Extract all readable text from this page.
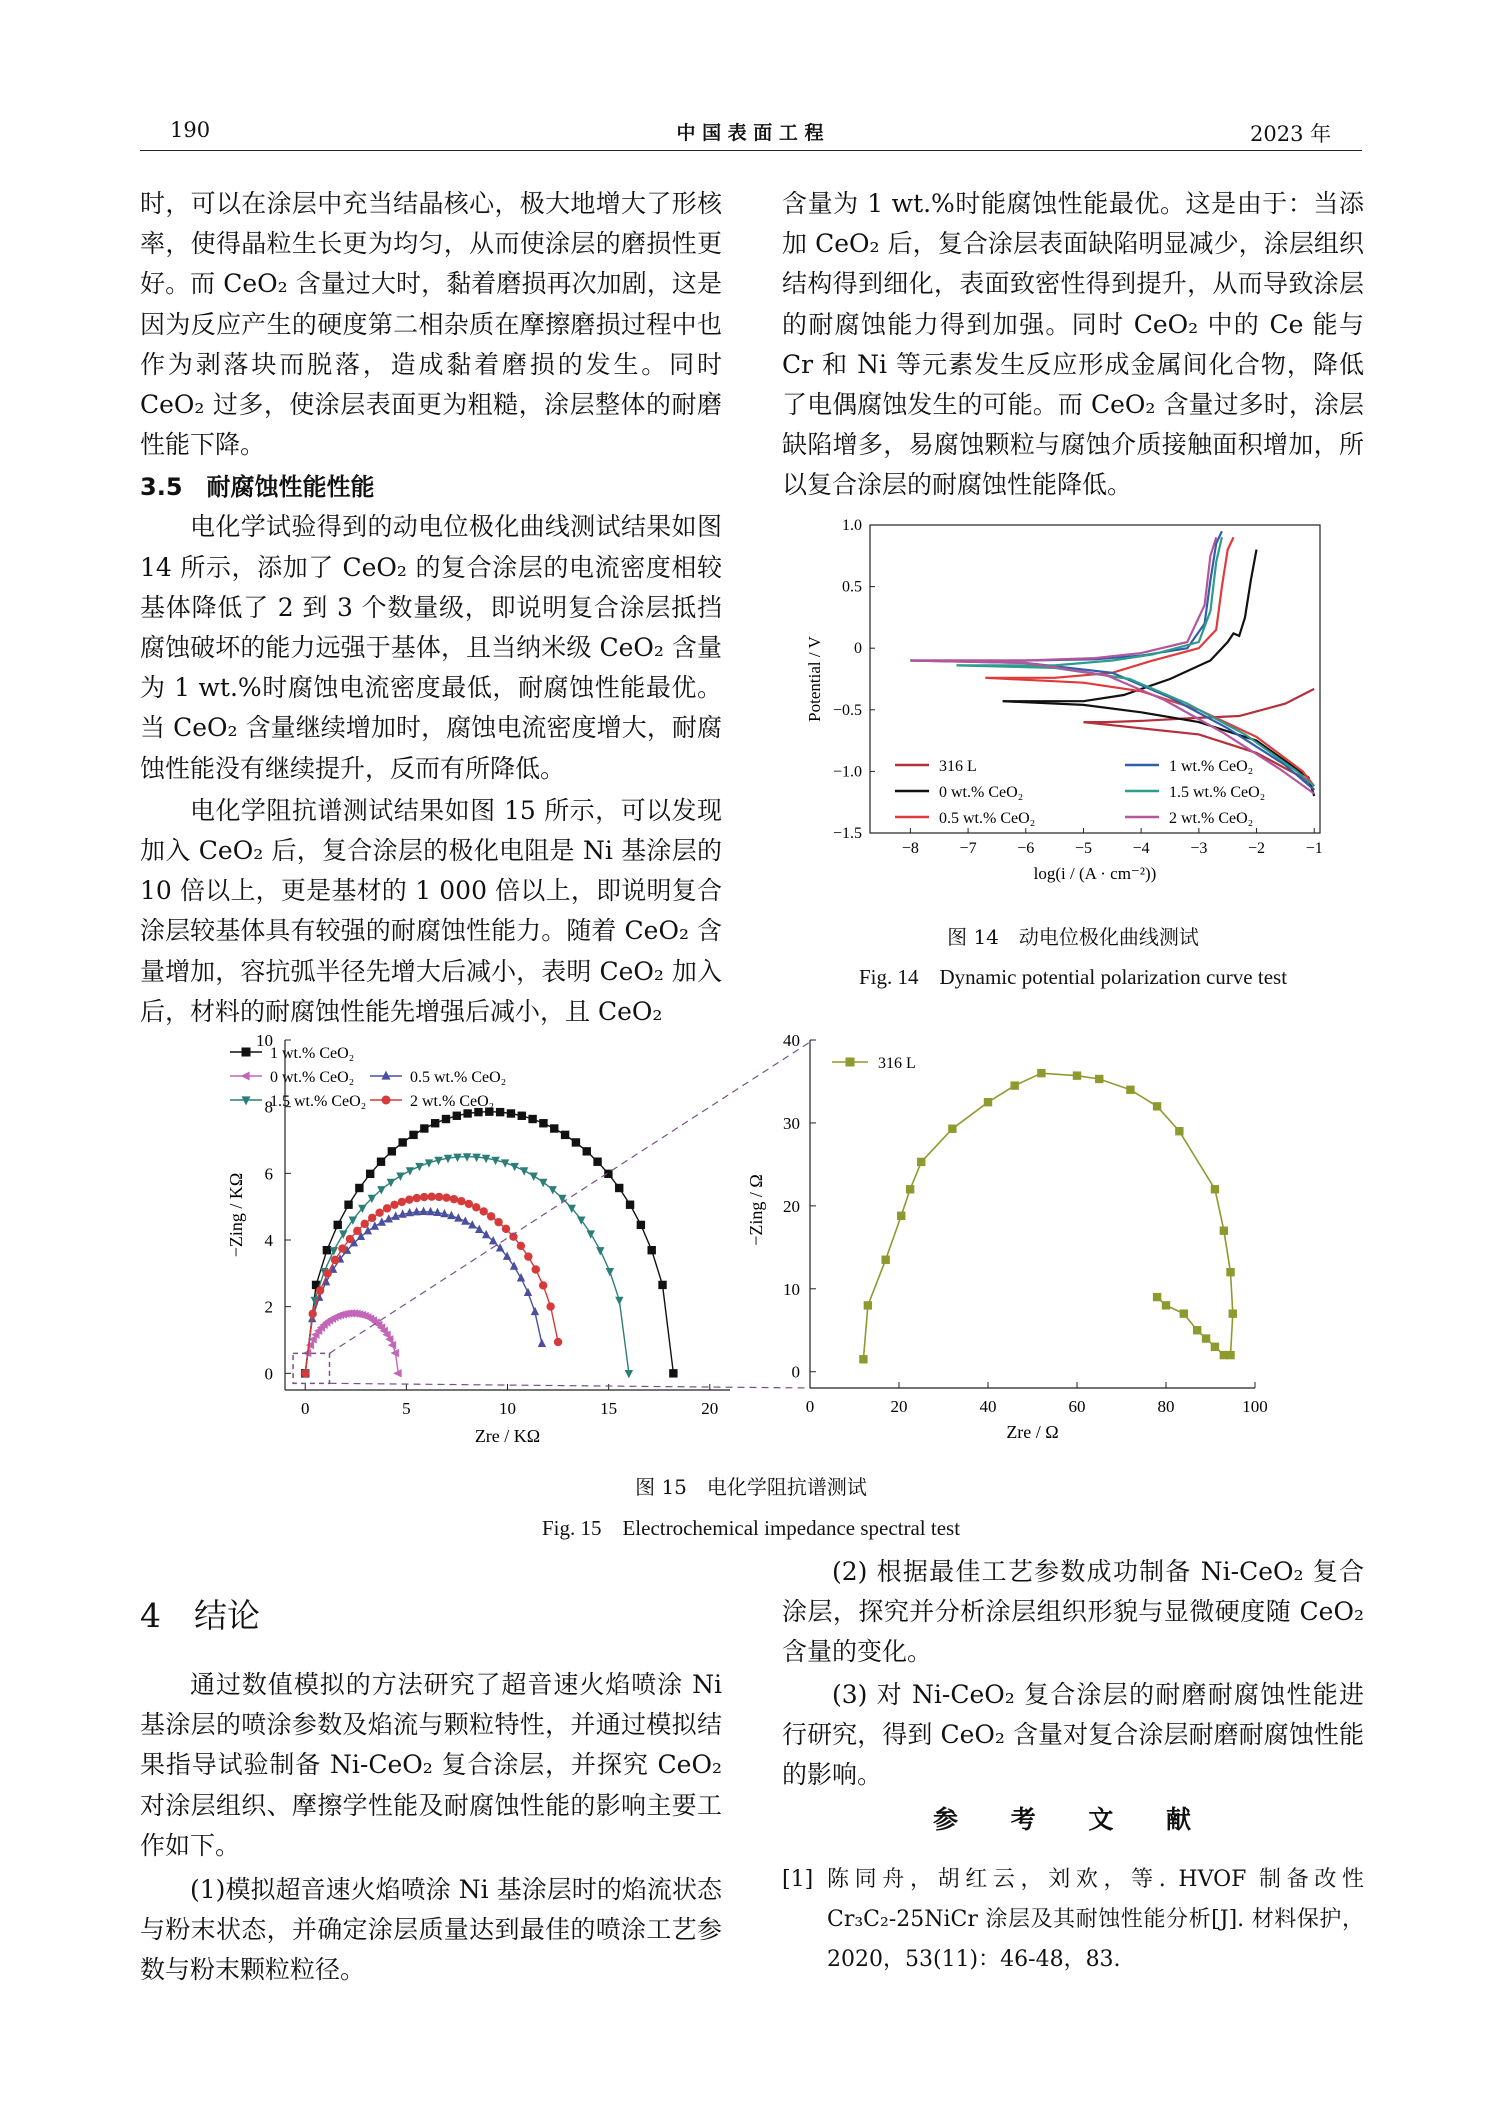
190	中 国 表 面 工 程	2023 年

时，可以在涂层中充当结晶核心，极大地增大了形核率，使得晶粒生长更为均匀，从而使涂层的磨损性更好。而 CeO₂ 含量过大时，黏着磨损再次加剧，这是因为反应产生的硬度第二相杂质在摩擦磨损过程中也作为剥落块而脱落，造成黏着磨损的发生。同时 CeO₂ 过多，使涂层表面更为粗糙，涂层整体的耐磨性能下降。

3.5　耐腐蚀性能性能

电化学试验得到的动电位极化曲线测试结果如图 14 所示，添加了 CeO₂ 的复合涂层的电流密度相较基体降低了 2 到 3 个数量级，即说明复合涂层抵挡腐蚀破坏的能力远强于基体，且当纳米级 CeO₂ 含量为 1 wt.%时腐蚀电流密度最低，耐腐蚀性能最优。当 CeO₂ 含量继续增加时，腐蚀电流密度增大，耐腐蚀性能没有继续提升，反而有所降低。

电化学阻抗谱测试结果如图 15 所示，可以发现加入 CeO₂ 后，复合涂层的极化电阻是 Ni 基涂层的 10 倍以上，更是基材的 1 000 倍以上，即说明复合涂层较基体具有较强的耐腐蚀性能力。随着 CeO₂ 含量增加，容抗弧半径先增大后减小，表明 CeO₂ 加入后，材料的耐腐蚀性能先增强后减小，且 CeO₂

含量为 1 wt.%时能腐蚀性能最优。这是由于：当添加 CeO₂ 后，复合涂层表面缺陷明显减少，涂层组织结构得到细化，表面致密性得到提升，从而导致涂层的耐腐蚀能力得到加强。同时 CeO₂ 中的 Ce 能与 Cr 和 Ni 等元素发生反应形成金属间化合物，降低了电偶腐蚀发生的可能。而 CeO₂ 含量过多时，涂层缺陷增多，易腐蚀颗粒与腐蚀介质接触面积增加，所以复合涂层的耐腐蚀性能降低。

−8	−7	−6	−5	−4	−3	−2	−1
1.0
0.5
0
−0.5
−1.0
−1.5
log(i / (A · cm⁻²))
Potential / V
316 L	1 wt.% CeO₂
0 wt.% CeO₂	1.5 wt.% CeO₂
0.5 wt.% CeO₂	2 wt.% CeO₂
图 14　动电位极化曲线测试
Fig. 14　Dynamic potential polarization curve test
0	5	10	15	20
0
2
4
6
8
10
Zre / KΩ
−Zing / KΩ
1 wt.% CeO₂
0 wt.% CeO₂	0.5 wt.% CeO₂
1.5 wt.% CeO₂	2 wt.% CeO₂
0	20	40	60	80	100
0
10
20
30
40
Zre / Ω
−Zing / Ω
316 L
图 15　电化学阻抗谱测试
Fig. 15　Electrochemical impedance spectral test
4　结论

通过数值模拟的方法研究了超音速火焰喷涂 Ni 基涂层的喷涂参数及焰流与颗粒特性，并通过模拟结果指导试验制备 Ni-CeO₂ 复合涂层，并探究 CeO₂ 对涂层组织、摩擦学性能及耐腐蚀性能的影响主要工作如下。

(1)模拟超音速火焰喷涂 Ni 基涂层时的焰流状态与粉末状态，并确定涂层质量达到最佳的喷涂工艺参数与粉末颗粒粒径。

(2) 根据最佳工艺参数成功制备 Ni-CeO₂ 复合涂层，探究并分析涂层组织形貌与显微硬度随 CeO₂ 含量的变化。

(3) 对 Ni-CeO₂ 复合涂层的耐磨耐腐蚀性能进行研究，得到 CeO₂ 含量对复合涂层耐磨耐腐蚀性能的影响。

参 考 文 献
[1] 陈同舟，胡红云，刘欢，等. HVOF 制备改性 Cr₃C₂-25NiCr 涂层及其耐蚀性能分析[J]. 材料保护，2020，53(11)：46-48，83.
